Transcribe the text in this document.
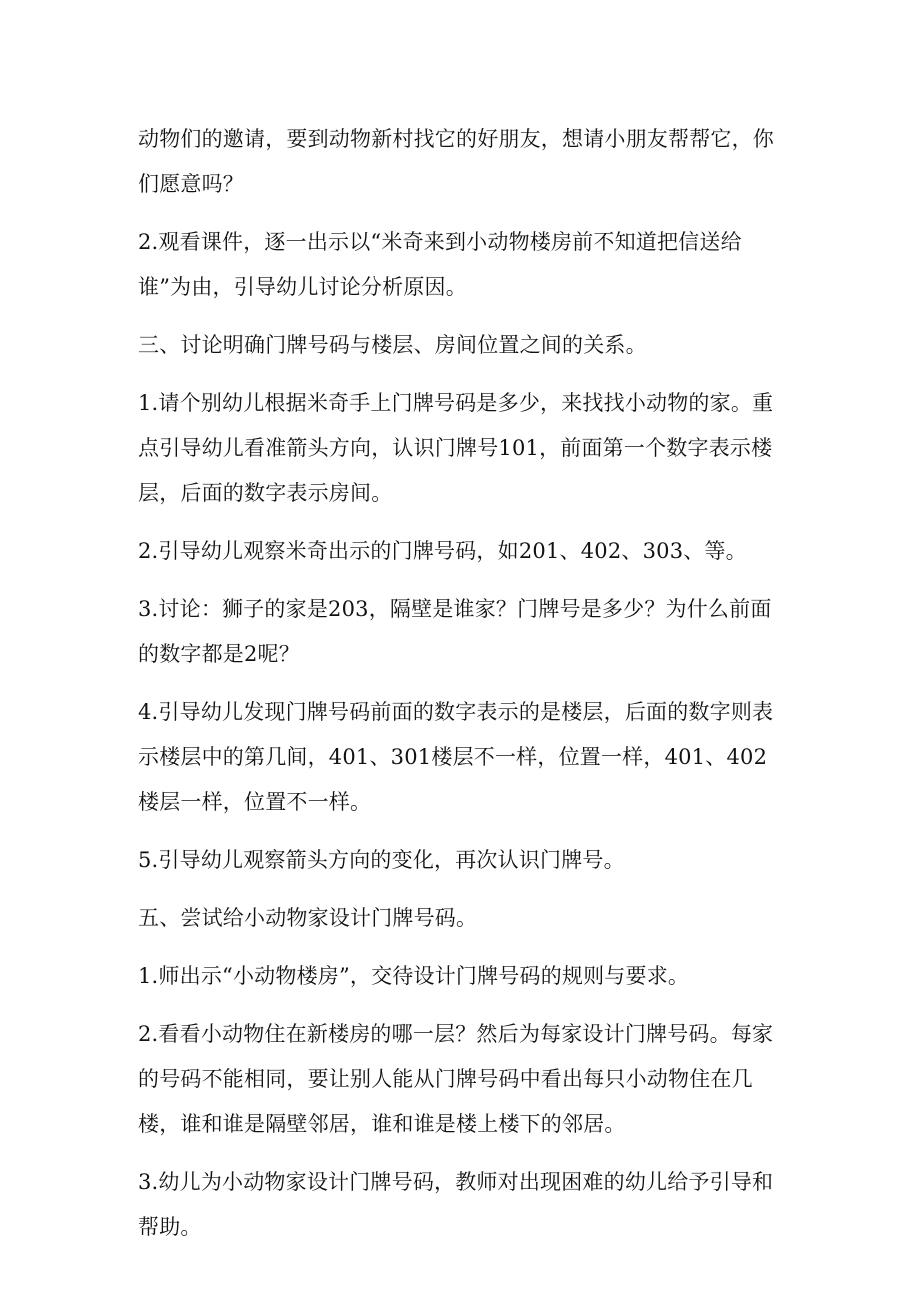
动物们的邀请，要到动物新村找它的好朋友，想请小朋友帮帮它，你们愿意吗？

2.观看课件，逐一出示以“米奇来到小动物楼房前不知道把信送给谁”为由，引导幼儿讨论分析原因。

三、讨论明确门牌号码与楼层、房间位置之间的关系。

1.请个别幼儿根据米奇手上门牌号码是多少，来找找小动物的家。重点引导幼儿看准箭头方向，认识门牌号101，前面第一个数字表示楼层，后面的数字表示房间。

2.引导幼儿观察米奇出示的门牌号码，如201、402、303、等。

3.讨论：狮子的家是203，隔壁是谁家？门牌号是多少？为什么前面的数字都是2呢？

4.引导幼儿发现门牌号码前面的数字表示的是楼层，后面的数字则表示楼层中的第几间，401、301楼层不一样，位置一样，401、402楼层一样，位置不一样。

5.引导幼儿观察箭头方向的变化，再次认识门牌号。

五、尝试给小动物家设计门牌号码。

1.师出示“小动物楼房”，交待设计门牌号码的规则与要求。

2.看看小动物住在新楼房的哪一层？然后为每家设计门牌号码。每家的号码不能相同，要让别人能从门牌号码中看出每只小动物住在几楼，谁和谁是隔壁邻居，谁和谁是楼上楼下的邻居。

3.幼儿为小动物家设计门牌号码，教师对出现困难的幼儿给予引导和帮助。
